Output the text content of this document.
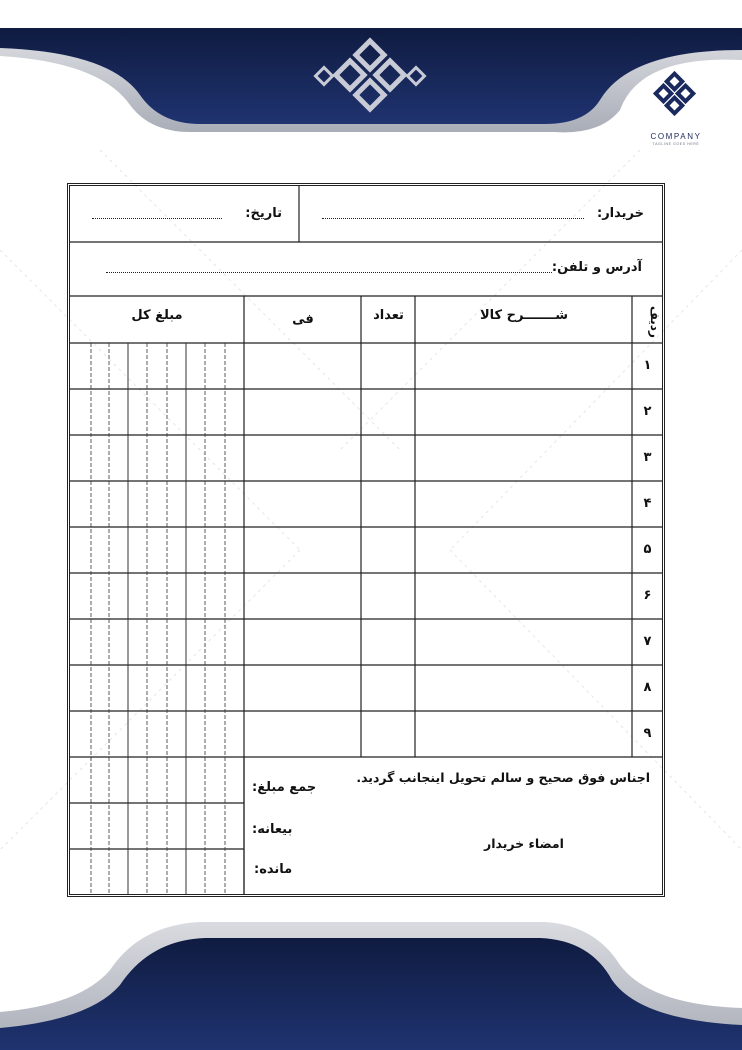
COMPANY
TAGLINE GOES HERE
خریدار:
تاریخ:
آدرس و تلفن:
ردیف
شـــــــرح کالا
تعداد
فی
مبلغ کل
۱
۲
۳
۴
۵
۶
۷
۸
۹
اجناس فوق صحیح و سالم تحویل اینجانب گردید.
جمع مبلغ:
بیعانه:
مانده:
امضاء خریدار
